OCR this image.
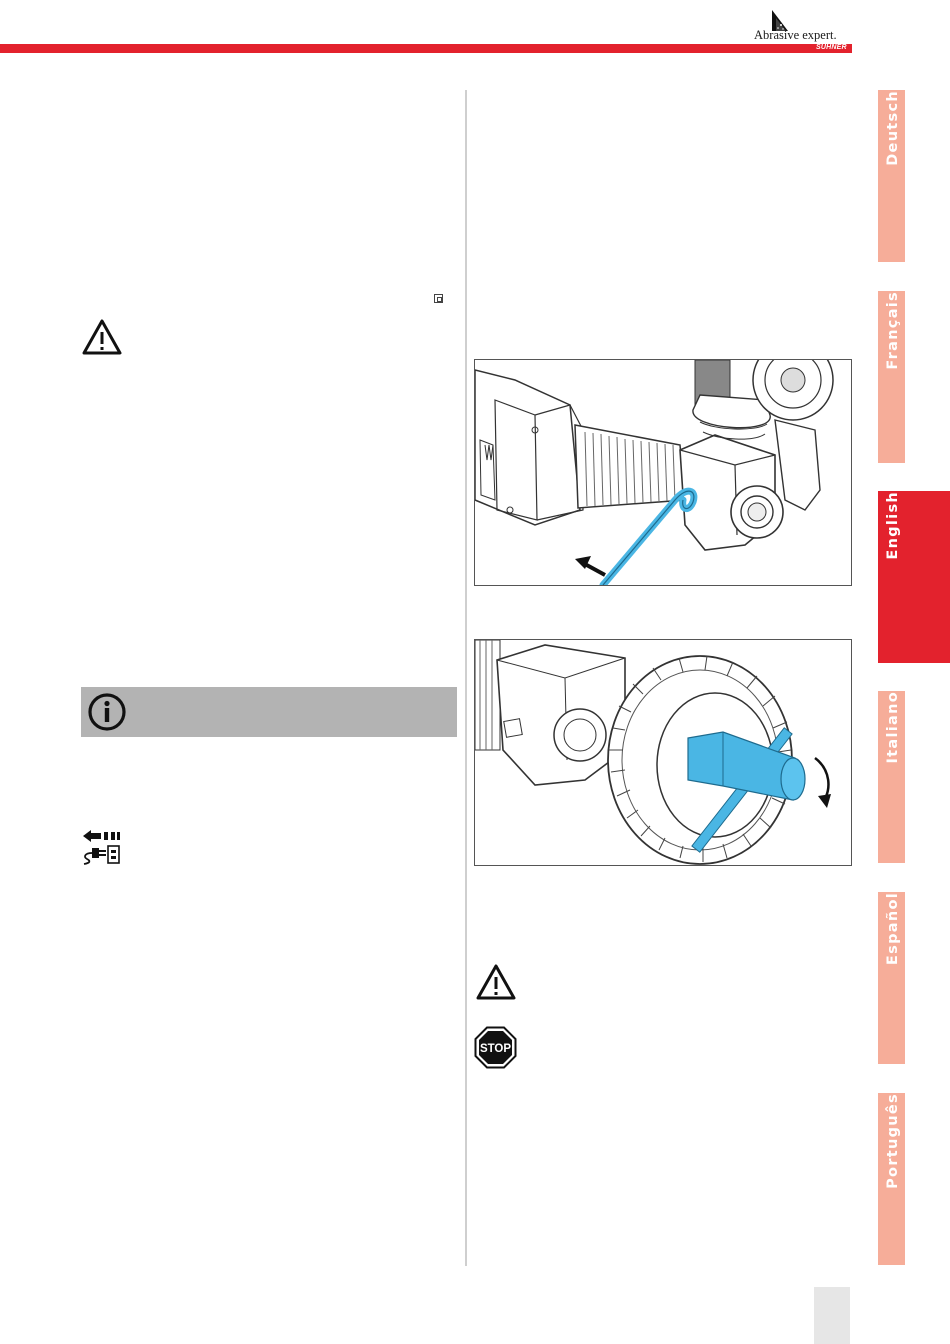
Abrasive expert.
SUHNER
Deutsch
Français
English
Italiano
Español
Português
STOP
